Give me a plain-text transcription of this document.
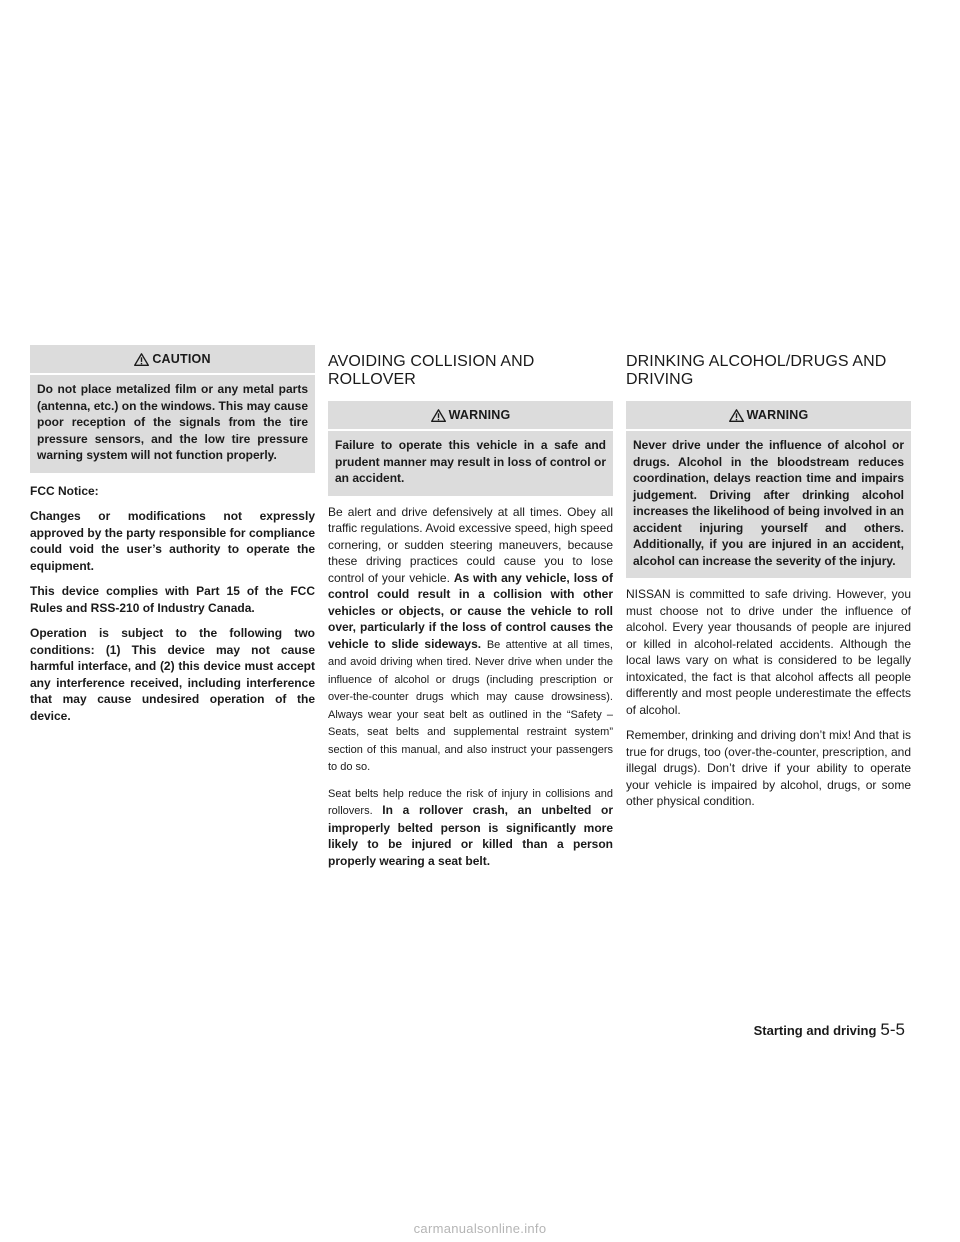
CAUTION

Do not place metalized film or any metal parts (antenna, etc.) on the windows. This may cause poor reception of the signals from the tire pressure sensors, and the low tire pressure warning system will not function properly.

FCC Notice:

Changes or modifications not expressly approved by the party responsible for compliance could void the user’s authority to operate the equipment.

This device complies with Part 15 of the FCC Rules and RSS-210 of Industry Canada.

Operation is subject to the following two conditions: (1) This device may not cause harmful interface, and (2) this device must accept any interference received, including interference that may cause undesired operation of the device.

AVOIDING COLLISION AND ROLLOVER
WARNING

Failure to operate this vehicle in a safe and prudent manner may result in loss of control or an accident.

Be alert and drive defensively at all times. Obey all traffic regulations. Avoid excessive speed, high speed cornering, or sudden steering maneuvers, because these driving practices could cause you to lose control of your vehicle. As with any vehicle, loss of control could result in a collision with other vehicles or objects, or cause the vehicle to roll over, particularly if the loss of control causes the vehicle to slide sideways. Be attentive at all times, and avoid driving when tired. Never drive when under the influence of alcohol or drugs (including prescription or over-the-counter drugs which may cause drowsiness). Always wear your seat belt as outlined in the “Safety – Seats, seat belts and supplemental restraint system” section of this manual, and also instruct your passengers to do so.

Seat belts help reduce the risk of injury in collisions and rollovers. In a rollover crash, an unbelted or improperly belted person is significantly more likely to be injured or killed than a person properly wearing a seat belt.

DRINKING ALCOHOL/DRUGS AND DRIVING
WARNING

Never drive under the influence of alcohol or drugs. Alcohol in the bloodstream reduces coordination, delays reaction time and impairs judgement. Driving after drinking alcohol increases the likelihood of being involved in an accident injuring yourself and others. Additionally, if you are injured in an accident, alcohol can increase the severity of the injury.

NISSAN is committed to safe driving. However, you must choose not to drive under the influence of alcohol. Every year thousands of people are injured or killed in alcohol-related accidents. Although the local laws vary on what is considered to be legally intoxicated, the fact is that alcohol affects all people differently and most people underestimate the effects of alcohol.

Remember, drinking and driving don’t mix! And that is true for drugs, too (over-the-counter, prescription, and illegal drugs). Don’t drive if your ability to operate your vehicle is impaired by alcohol, drugs, or some other physical condition.

Starting and driving 5-5
carmanualsonline.info
